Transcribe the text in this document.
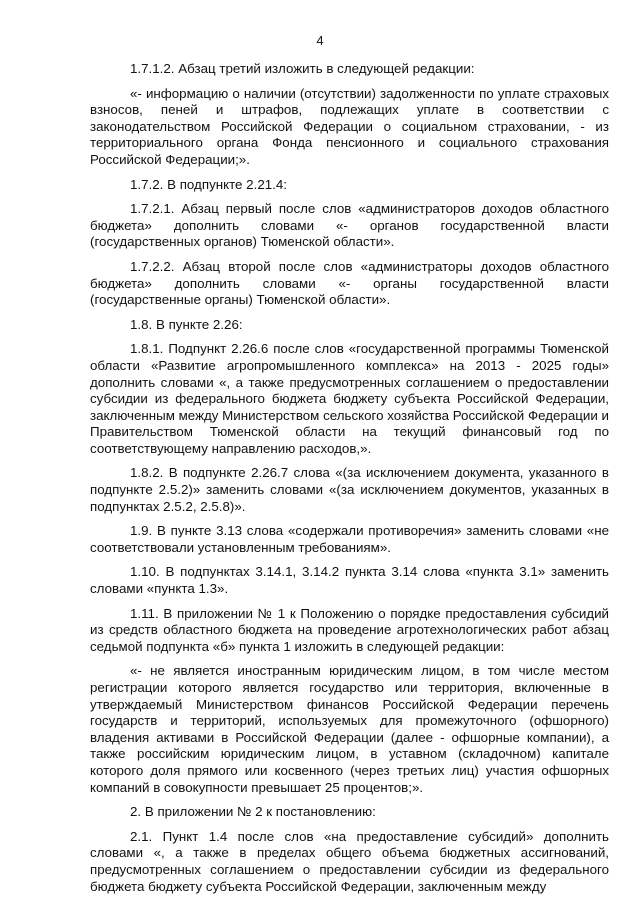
4

1.7.1.2. Абзац третий изложить в следующей редакции:

«- информацию о наличии (отсутствии) задолженности по уплате страховых взносов, пеней и штрафов, подлежащих уплате в соответствии с законодательством Российской Федерации о социальном страховании, - из территориального органа Фонда пенсионного и социального страхования Российской Федерации;».

1.7.2. В подпункте 2.21.4:

1.7.2.1. Абзац первый после слов «администраторов доходов областного бюджета» дополнить словами «- органов государственной власти (государственных органов) Тюменской области».

1.7.2.2. Абзац второй после слов «администраторы доходов областного бюджета» дополнить словами «- органы государственной власти (государственные органы) Тюменской области».

1.8. В пункте 2.26:

1.8.1. Подпункт 2.26.6 после слов «государственной программы Тюменской области «Развитие агропромышленного комплекса» на 2013 - 2025 годы» дополнить словами «, а также предусмотренных соглашением о предоставлении субсидии из федерального бюджета бюджету субъекта Российской Федерации, заключенным между Министерством сельского хозяйства Российской Федерации и Правительством Тюменской области на текущий финансовый год по соответствующему направлению расходов,».

1.8.2. В подпункте 2.26.7 слова «(за исключением документа, указанного в подпункте 2.5.2)» заменить словами «(за исключением документов, указанных в подпунктах 2.5.2, 2.5.8)».

1.9. В пункте 3.13 слова «содержали противоречия» заменить словами «не соответствовали установленным требованиям».

1.10. В подпунктах 3.14.1, 3.14.2 пункта 3.14 слова «пункта 3.1» заменить словами «пункта 1.3».

1.11. В приложении № 1 к Положению о порядке предоставления субсидий из средств областного бюджета на проведение агротехнологических работ абзац седьмой подпункта «б» пункта 1 изложить в следующей редакции:

«- не является иностранным юридическим лицом, в том числе местом регистрации которого является государство или территория, включенные в утверждаемый Министерством финансов Российской Федерации перечень государств и территорий, используемых для промежуточного (офшорного) владения активами в Российской Федерации (далее - офшорные компании), а также российским юридическим лицом, в уставном (складочном) капитале которого доля прямого или косвенного (через третьих лиц) участия офшорных компаний в совокупности превышает 25 процентов;».

2. В приложении № 2 к постановлению:

2.1. Пункт 1.4 после слов «на предоставление субсидий» дополнить словами «, а также в пределах общего объема бюджетных ассигнований, предусмотренных соглашением о предоставлении субсидии из федерального бюджета бюджету субъекта Российской Федерации, заключенным между
